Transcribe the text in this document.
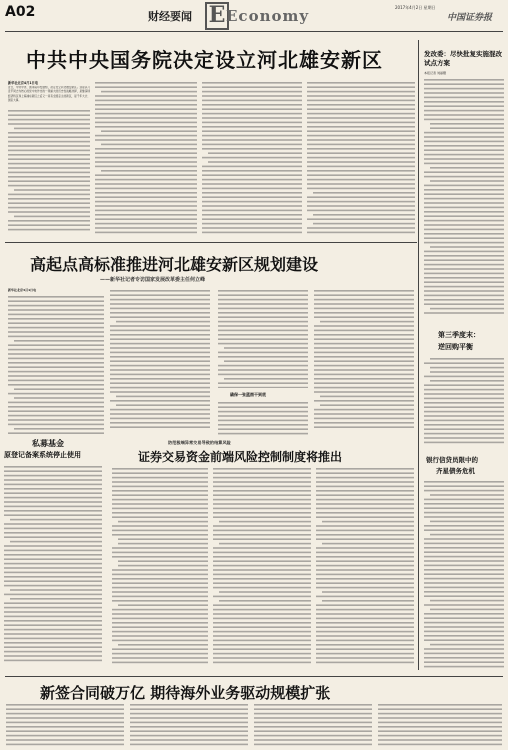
A02	财经要闻 E Economy	2017年4月2日 星期日
中国证券报
中共中央国务院决定设立河北雄安新区
新华社北京4月1日电
近日，中共中央、国务院印发通知，决定设立河北雄安新区。这是以习近平同志为核心的党中央作出的一项重大的历史性战略选择，是继深圳经济特区和上海浦东新区之后又一具有全国意义的新区，是千年大计、国家大事。
发改委：尽快批复实施混改试点方案
本报记者 刘丽靓
高起点高标准推进河北雄安新区规划建设
——新华社记者专访国家发展改革委主任何立峰
新华社北京4月1日电
确保一张蓝图干到底
私募基金
原登记备案系统停止使用
防范极端异常交易导致的结算风险
证券交易资金前端风险控制制度将推出
第三季度末：
逆回购平衡
银行信贷员限中的
齐星债务危机
新签合同破万亿 期待海外业务驱动规模扩张
